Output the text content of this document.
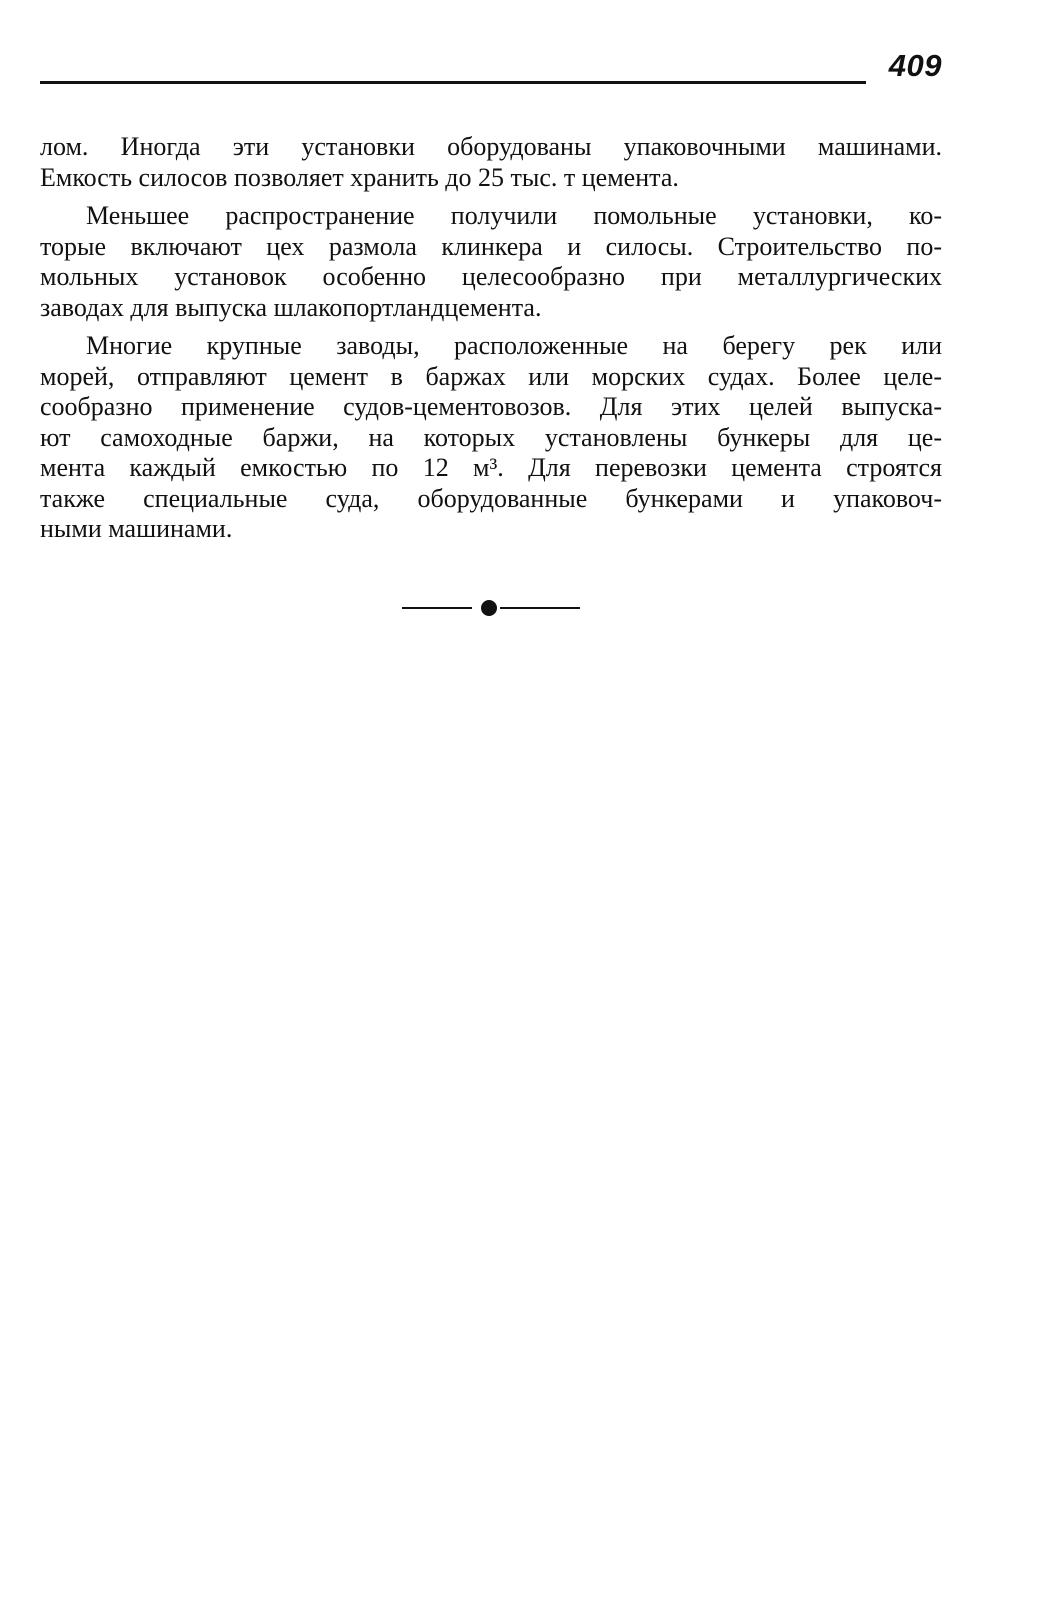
409
лом. Иногда эти установки оборудованы упаковочными машинами.
Емкость силосов позволяет хранить до 25 тыс. т цемента.
Меньшее распространение получили помольные установки, ко-
торые включают цех размола клинкера и силосы. Строительство по-
мольных установок особенно целесообразно при металлургических
заводах для выпуска шлакопортландцемента.
Многие крупные заводы, расположенные на берегу рек или
морей, отправляют цемент в баржах или морских судах. Более целе-
сообразно применение судов-цементовозов. Для этих целей выпуска-
ют самоходные баржи, на которых установлены бункеры для це-
мента каждый емкостью по 12 м³. Для перевозки цемента строятся
также специальные суда, оборудованные бункерами и упаковоч-
ными машинами.
